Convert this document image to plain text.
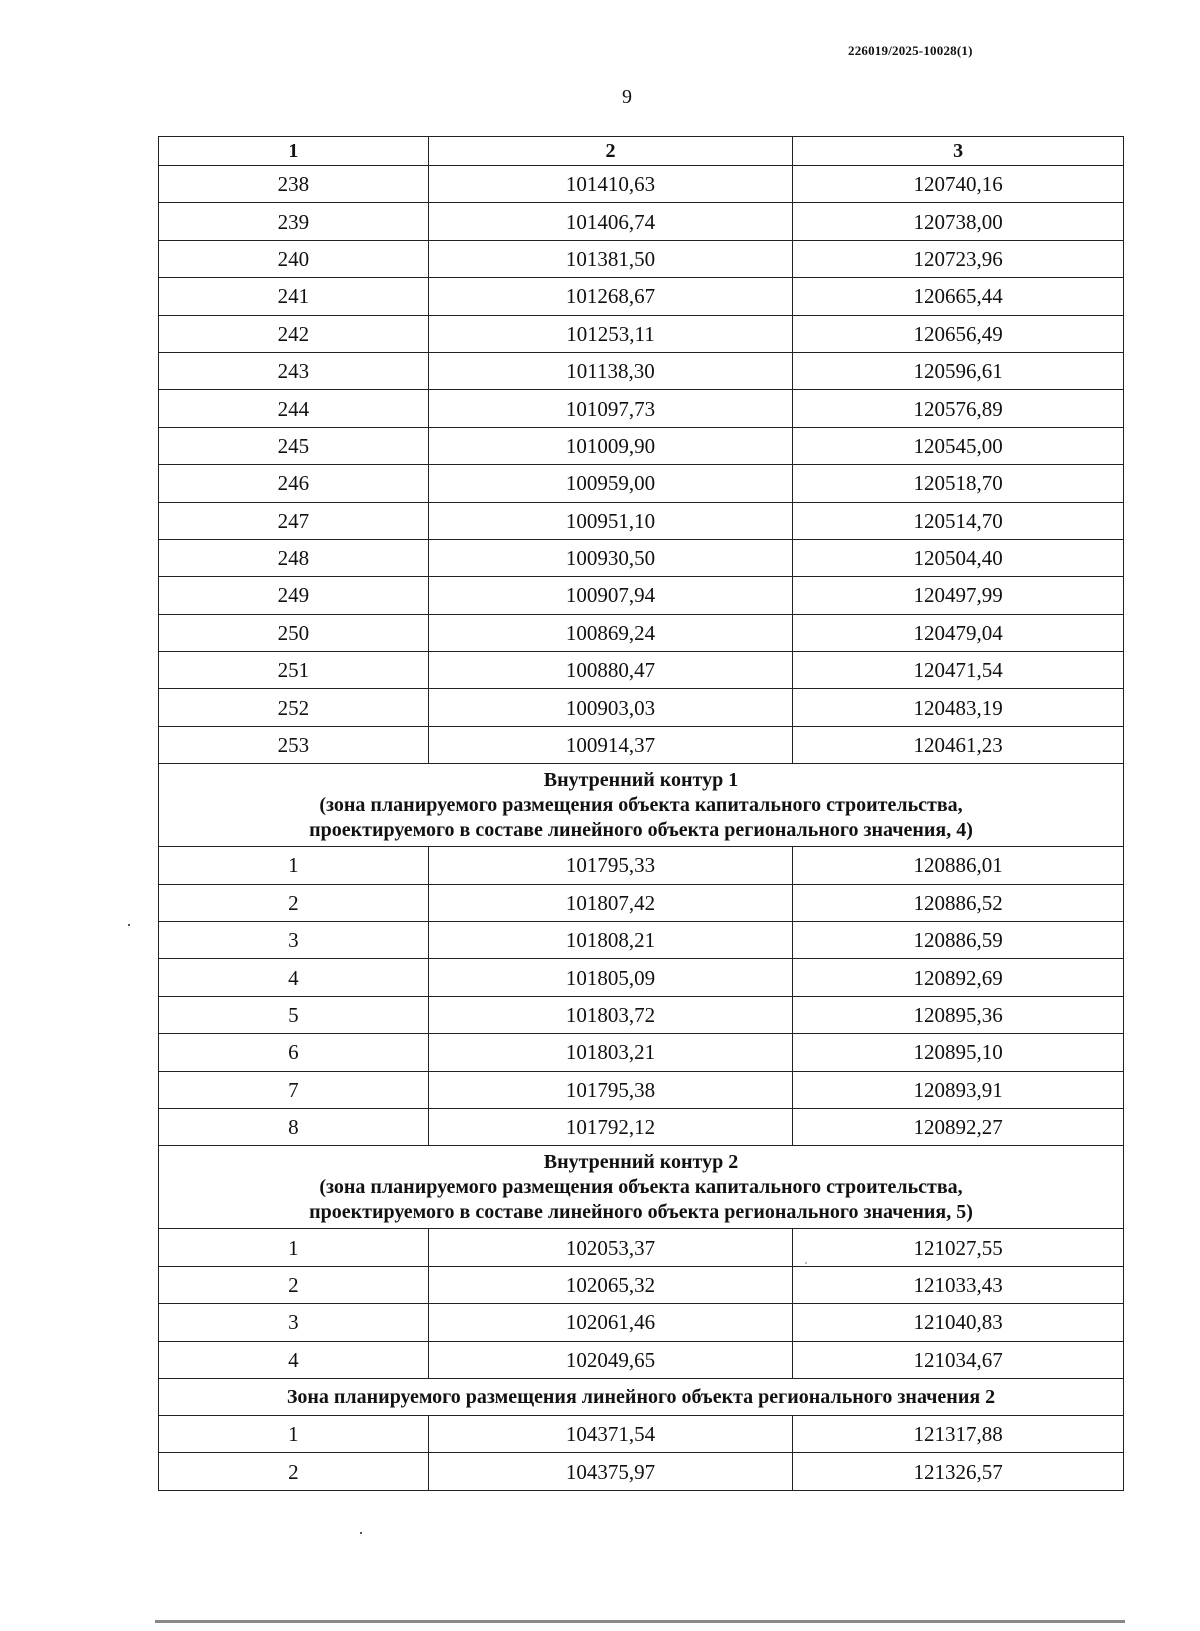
226019/2025-10028(1)
9
1	2	3
238	101410,63	120740,16
239	101406,74	120738,00
240	101381,50	120723,96
241	101268,67	120665,44
242	101253,11	120656,49
243	101138,30	120596,61
244	101097,73	120576,89
245	101009,90	120545,00
246	100959,00	120518,70
247	100951,10	120514,70
248	100930,50	120504,40
249	100907,94	120497,99
250	100869,24	120479,04
251	100880,47	120471,54
252	100903,03	120483,19
253	100914,37	120461,23

Внутренний контур 1
(зона планируемого размещения объекта капитального строительства,
проектируемого в составе линейного объекта регионального значения, 4)		

1	101795,33	120886,01
2	101807,42	120886,52
3	101808,21	120886,59
4	101805,09	120892,69
5	101803,72	120895,36
6	101803,21	120895,10
7	101795,38	120893,91
8	101792,12	120892,27

Внутренний контур 2
(зона планируемого размещения объекта капитального строительства,
проектируемого в составе линейного объекта регионального значения, 5)		

1	102053,37	121027,55
2	102065,32	121033,43
3	102061,46	121040,83
4	102049,65	121034,67

Зона планируемого размещения линейного объекта регионального значения 2		

1	104371,54	121317,88
2	104375,97	121326,57
